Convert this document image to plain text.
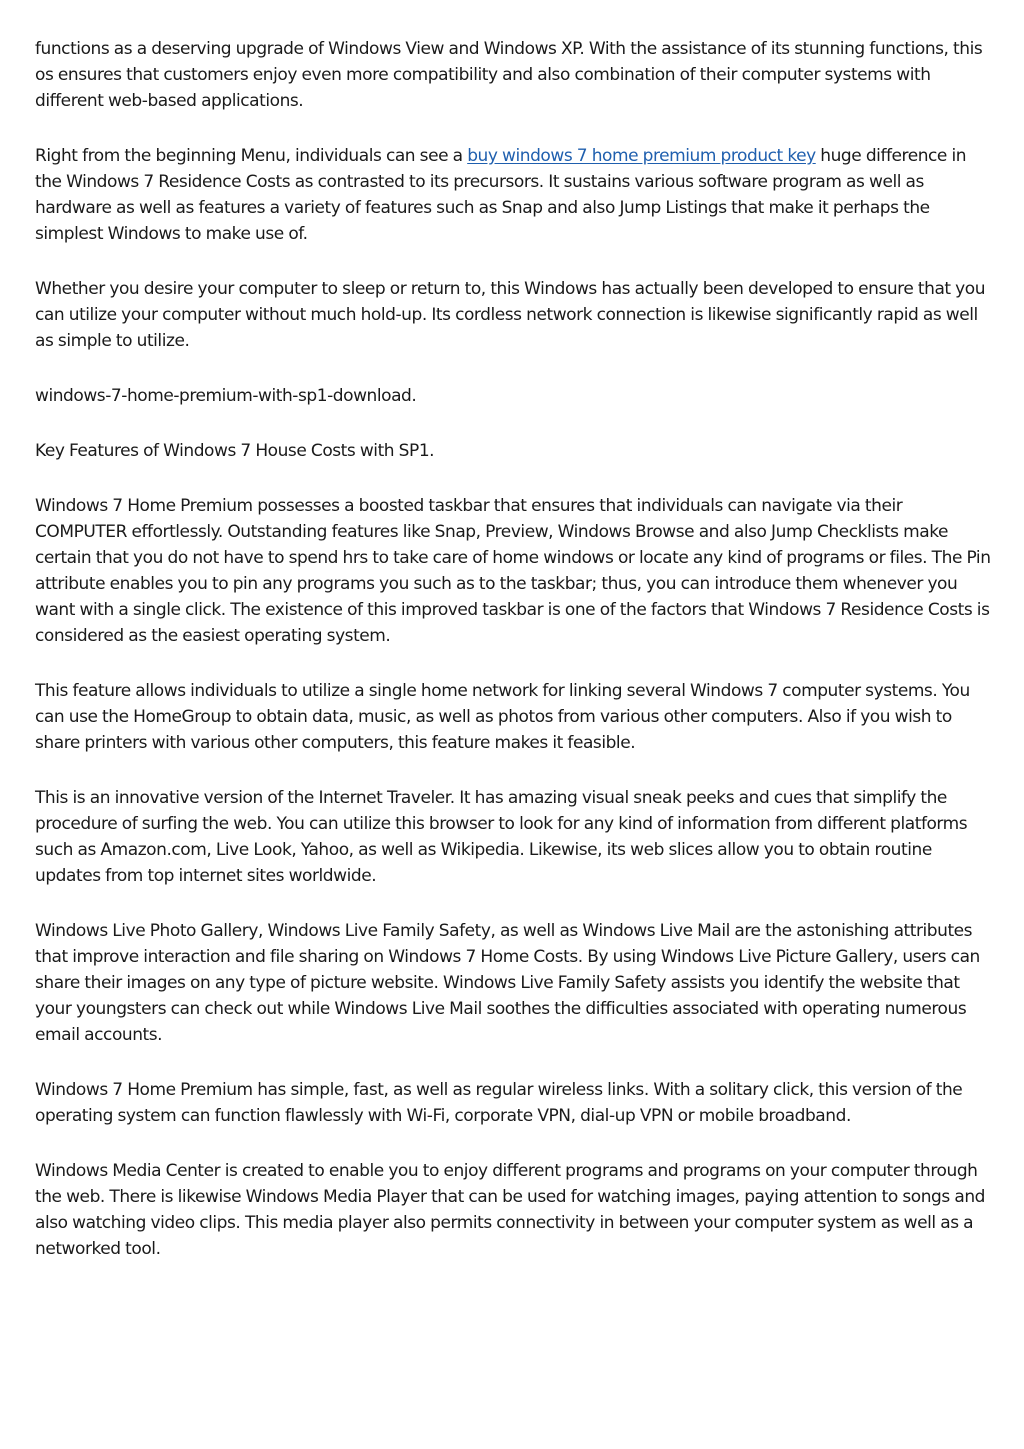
functions as a deserving upgrade of Windows View and Windows XP. With the assistance of its stunning functions, this os ensures that customers enjoy even more compatibility and also combination of their computer systems with different web-based applications.

Right from the beginning Menu, individuals can see a buy windows 7 home premium product key huge difference in the Windows 7 Residence Costs as contrasted to its precursors. It sustains various software program as well as hardware as well as features a variety of features such as Snap and also Jump Listings that make it perhaps the simplest Windows to make use of.

Whether you desire your computer to sleep or return to, this Windows has actually been developed to ensure that you can utilize your computer without much hold-up. Its cordless network connection is likewise significantly rapid as well as simple to utilize.

windows-7-home-premium-with-sp1-download.

Key Features of Windows 7 House Costs with SP1.

Windows 7 Home Premium possesses a boosted taskbar that ensures that individuals can navigate via their COMPUTER effortlessly. Outstanding features like Snap, Preview, Windows Browse and also Jump Checklists make certain that you do not have to spend hrs to take care of home windows or locate any kind of programs or files. The Pin attribute enables you to pin any programs you such as to the taskbar; thus, you can introduce them whenever you want with a single click. The existence of this improved taskbar is one of the factors that Windows 7 Residence Costs is considered as the easiest operating system.

This feature allows individuals to utilize a single home network for linking several Windows 7 computer systems. You can use the HomeGroup to obtain data, music, as well as photos from various other computers. Also if you wish to share printers with various other computers, this feature makes it feasible.

This is an innovative version of the Internet Traveler. It has amazing visual sneak peeks and cues that simplify the procedure of surfing the web. You can utilize this browser to look for any kind of information from different platforms such as Amazon.com, Live Look, Yahoo, as well as Wikipedia. Likewise, its web slices allow you to obtain routine updates from top internet sites worldwide.

Windows Live Photo Gallery, Windows Live Family Safety, as well as Windows Live Mail are the astonishing attributes that improve interaction and file sharing on Windows 7 Home Costs. By using Windows Live Picture Gallery, users can share their images on any type of picture website. Windows Live Family Safety assists you identify the website that your youngsters can check out while Windows Live Mail soothes the difficulties associated with operating numerous email accounts.

Windows 7 Home Premium has simple, fast, as well as regular wireless links. With a solitary click, this version of the operating system can function flawlessly with Wi-Fi, corporate VPN, dial-up VPN or mobile broadband.

Windows Media Center is created to enable you to enjoy different programs and programs on your computer through the web. There is likewise Windows Media Player that can be used for watching images, paying attention to songs and also watching video clips. This media player also permits connectivity in between your computer system as well as a networked tool.
